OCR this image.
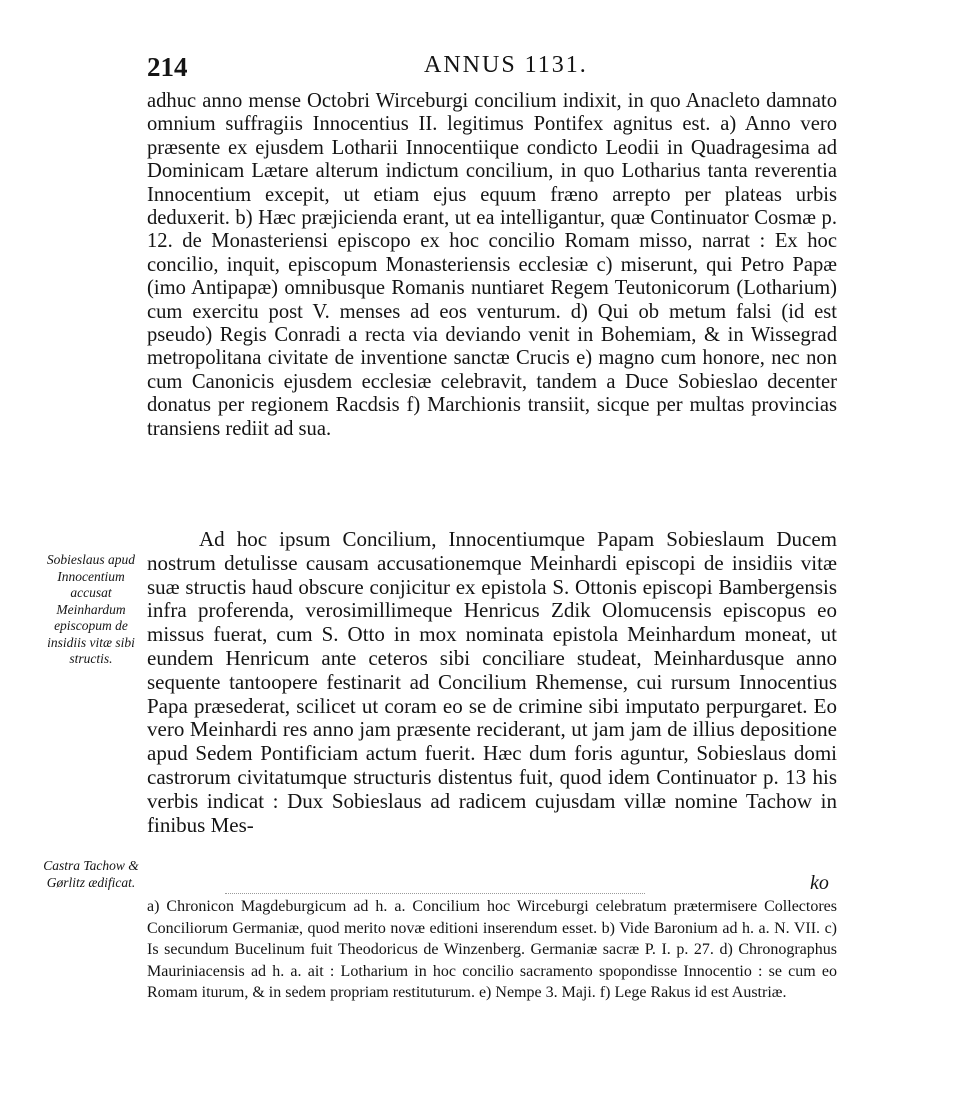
214	ANNUS 1131.

adhuc anno mense Octobri Wirceburgi concilium indixit, in quo Anacleto damnato omnium suffragiis Innocentius II. legitimus Pontifex agnitus est. a) Anno vero præsente ex ejusdem Lotharii Innocentiique condicto Leodii in Quadragesima ad Dominicam Lætare alterum indictum concilium, in quo Lotharius tanta reverentia Innocentium excepit, ut etiam ejus equum fræno arrepto per plateas urbis deduxerit. b) Hæc præjicienda erant, ut ea intelligantur, quæ Continuator Cosmæ p. 12. de Monasteriensi episcopo ex hoc concilio Romam misso, narrat : Ex hoc concilio, inquit, episcopum Monasteriensis ecclesiæ c) miserunt, qui Petro Papæ (imo Antipapæ) omnibusque Romanis nuntiaret Regem Teutonicorum (Lotharium) cum exercitu post V. menses ad eos venturum. d) Qui ob metum falsi (id est pseudo) Regis Conradi a recta via deviando venit in Bohemiam, & in Wissegrad metropolitana civitate de inventione sanctæ Crucis e) magno cum honore, nec non cum Canonicis ejusdem ecclesiæ celebravit, tandem a Duce Sobieslao decenter donatus per regionem Racdsis f) Marchionis transiit, sicque per multas provincias transiens rediit ad sua.

Sobieslaus apud Innocentium accusat Meinhardum episcopum de insidiis vitæ sibi structis.

Ad hoc ipsum Concilium, Innocentiumque Papam Sobieslaum Ducem nostrum detulisse causam accusationemque Meinhardi episcopi de insidiis vitæ suæ structis haud obscure conjicitur ex epistola S. Ottonis episcopi Bambergensis infra proferenda, verosimillimeque Henricus Zdik Olomucensis episcopus eo missus fuerat, cum S. Otto in mox nominata epistola Meinhardum moneat, ut eundem Henricum ante ceteros sibi conciliare studeat, Meinhardusque anno sequente tantoopere festinarit ad Concilium Rhemense, cui rursum Innocentius Papa præsederat, scilicet ut coram eo se de crimine sibi imputato perpurgaret. Eo vero Meinhardi res anno jam præsente reciderant, ut jam jam de illius depositione apud Sedem Pontificiam actum fuerit. Hæc dum foris aguntur, Sobieslaus domi castrorum civitatumque structuris distentus fuit, quod idem Continuator p. 13 his verbis indicat : Dux Sobieslaus ad radicem cujusdam villæ nomine Tachow in finibus Mes-

Castra Tachow & Gørlitz ædificat.	ko

a) Chronicon Magdeburgicum ad h. a. Concilium hoc Wirceburgi celebratum prætermisere Collectores Conciliorum Germaniæ, quod merito novæ editioni inserendum esset. b) Vide Baronium ad h. a. N. VII. c) Is secundum Bucelinum fuit Theodoricus de Winzenberg. Germaniæ sacræ P. I. p. 27. d) Chronographus Mauriniacensis ad h. a. ait : Lotharium in hoc concilio sacramento spopondisse Innocentio : se cum eo Romam iturum, & in sedem propriam restituturum. e) Nempe 3. Maji. f) Lege Rakus id est Austriæ.
